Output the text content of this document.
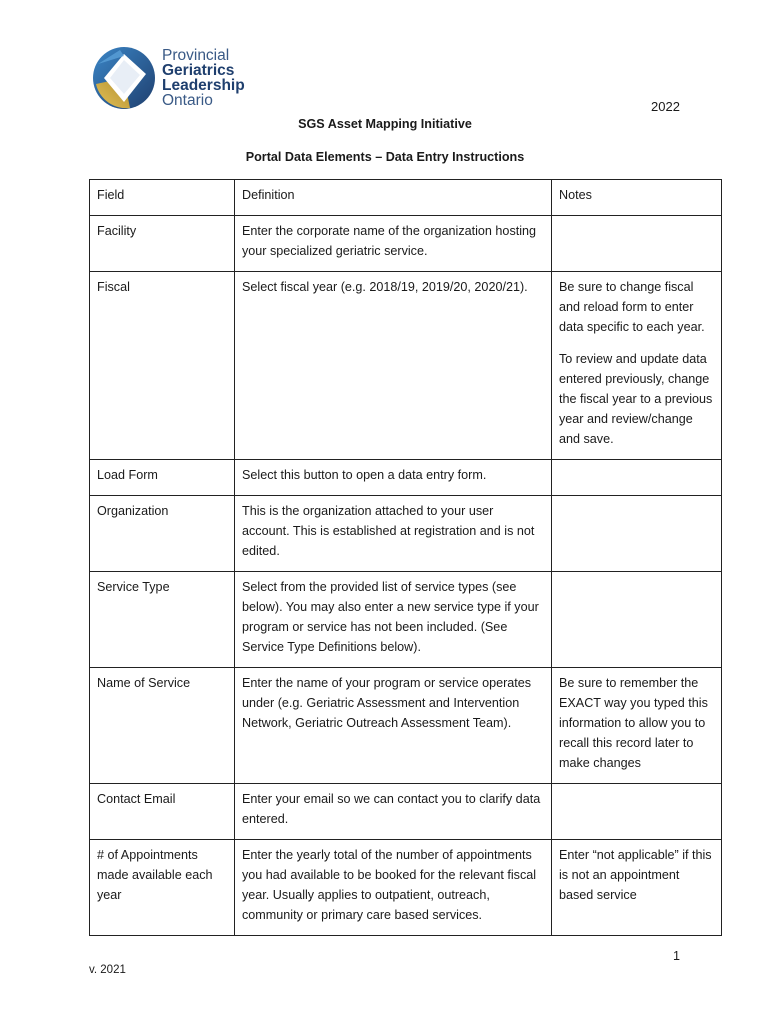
Provincial
Geriatrics
Leadership
Ontario	2022
SGS Asset Mapping Initiative
Portal Data Elements – Data Entry Instructions
Field	Definition	Notes
Facility	Enter the corporate name of the organization hosting your specialized geriatric service.	
Fiscal	Select fiscal year (e.g. 2018/19, 2019/20, 2020/21).	Be sure to change fiscal and reload form to enter data specific to each year.
To review and update data entered previously, change the fiscal year to a previous year and review/change and save.

Load Form	Select this button to open a data entry form.	
Organization	This is the organization attached to your user account. This is established at registration and is not edited.	
Service Type	Select from the provided list of service types (see below). You may also enter a new service type if your program or service has not been included. (See Service Type Definitions below).	
Name of Service	Enter the name of your program or service operates under (e.g. Geriatric Assessment and Intervention Network, Geriatric Outreach Assessment Team).	Be sure to remember the EXACT way you typed this information to allow you to recall this record later to make changes
Contact Email	Enter your email so we can contact you to clarify data entered.	
# of Appointments made available each year	Enter the yearly total of the number of appointments you had available to be booked for the relevant fiscal year. Usually applies to outpatient, outreach, community or primary care based services.	Enter “not applicable” if this is not an appointment based service
1
v. 2021
